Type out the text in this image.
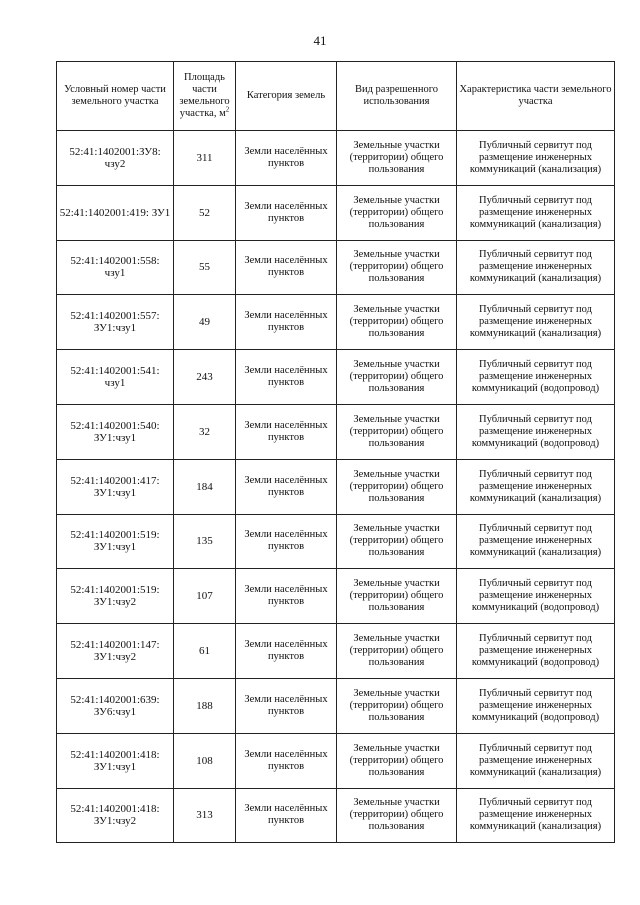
41
Условный номер части земельного участка	Площадь части земельного участка, $м^2$	Категория земель	Вид разрешенного использования	Характеристика части земельного участка
52:41:1402001:ЗУ8: чзу2	311	Земли населённых пунктов	Земельные участки (территории) общего пользования	Публичный сервитут под размещение инженерных коммуникаций (канализация)
52:41:1402001:419: ЗУ1	52	Земли населённых пунктов	Земельные участки (территории) общего пользования	Публичный сервитут под размещение инженерных коммуникаций (канализация)
52:41:1402001:558: чзу1	55	Земли населённых пунктов	Земельные участки (территории) общего пользования	Публичный сервитут под размещение инженерных коммуникаций (канализация)
52:41:1402001:557: ЗУ1:чзу1	49	Земли населённых пунктов	Земельные участки (территории) общего пользования	Публичный сервитут под размещение инженерных коммуникаций (канализация)
52:41:1402001:541: чзу1	243	Земли населённых пунктов	Земельные участки (территории) общего пользования	Публичный сервитут под размещение инженерных коммуникаций (водопровод)
52:41:1402001:540: ЗУ1:чзу1	32	Земли населённых пунктов	Земельные участки (территории) общего пользования	Публичный сервитут под размещение инженерных коммуникаций (водопровод)
52:41:1402001:417: ЗУ1:чзу1	184	Земли населённых пунктов	Земельные участки (территории) общего пользования	Публичный сервитут под размещение инженерных коммуникаций (канализация)
52:41:1402001:519: ЗУ1:чзу1	135	Земли населённых пунктов	Земельные участки (территории) общего пользования	Публичный сервитут под размещение инженерных коммуникаций (канализация)
52:41:1402001:519: ЗУ1:чзу2	107	Земли населённых пунктов	Земельные участки (территории) общего пользования	Публичный сервитут под размещение инженерных коммуникаций (водопровод)
52:41:1402001:147: ЗУ1:чзу2	61	Земли населённых пунктов	Земельные участки (территории) общего пользования	Публичный сервитут под размещение инженерных коммуникаций (водопровод)
52:41:1402001:639: ЗУ6:чзу1	188	Земли населённых пунктов	Земельные участки (территории) общего пользования	Публичный сервитут под размещение инженерных коммуникаций (водопровод)
52:41:1402001:418: ЗУ1:чзу1	108	Земли населённых пунктов	Земельные участки (территории) общего пользования	Публичный сервитут под размещение инженерных коммуникаций (канализация)
52:41:1402001:418: ЗУ1:чзу2	313	Земли населённых пунктов	Земельные участки (территории) общего пользования	Публичный сервитут под размещение инженерных коммуникаций (канализация)
